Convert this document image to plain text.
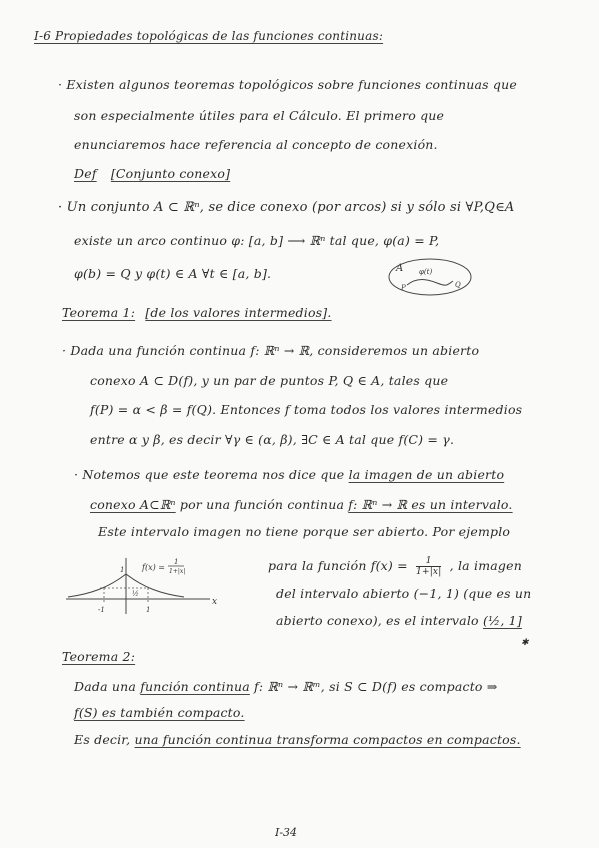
I-6 Propiedades topológicas de las funciones continuas:
· Existen algunos teoremas topológicos sobre funciones continuas que
son especialmente útiles para el Cálculo. El primero que
enunciaremos hace referencia al concepto de conexión.
Def [Conjunto conexo]
· Un conjunto A ⊂ ℝⁿ, se dice conexo (por arcos) si y sólo si ∀P,Q∈A
existe un arco continuo φ: [a, b] ⟶ ℝⁿ tal que, φ(a) = P,
φ(b) = Q y φ(t) ∈ A ∀t ∈ [a, b].	A φ(t)
P	Q
Teorema 1: [de los valores intermedios].
· Dada una función continua f: ℝⁿ → ℝ, consideremos un abierto
conexo A ⊂ D(f), y un par de puntos P, Q ∈ A, tales que
f(P) = α < β = f(Q). Entonces f toma todos los valores intermedios
entre α y β, es decir ∀γ ∈ (α, β), ∃C ∈ A tal que f(C) = γ.
· Notemos que este teorema nos dice que la imagen de un abierto
conexo A⊂ℝⁿ por una función continua f: ℝⁿ → ℝ es un intervalo.
Este intervalo imagen no tiene porque ser abierto. Por ejemplo
para la función $f(x) = \frac{1}{1+|x|}$ , la imagen
del intervalo abierto (−1, 1) (que es un
abierto conexo), es el intervalo (½, 1]
f(x) =
1
1+|x|
½
1
-1	1
x
✱
Teorema 2:
Dada una función continua f: ℝⁿ → ℝᵐ, si S ⊂ D(f) es compacto ⇒
f(S) es también compacto.
Es decir, una función continua transforma compactos en compactos.
I-34
